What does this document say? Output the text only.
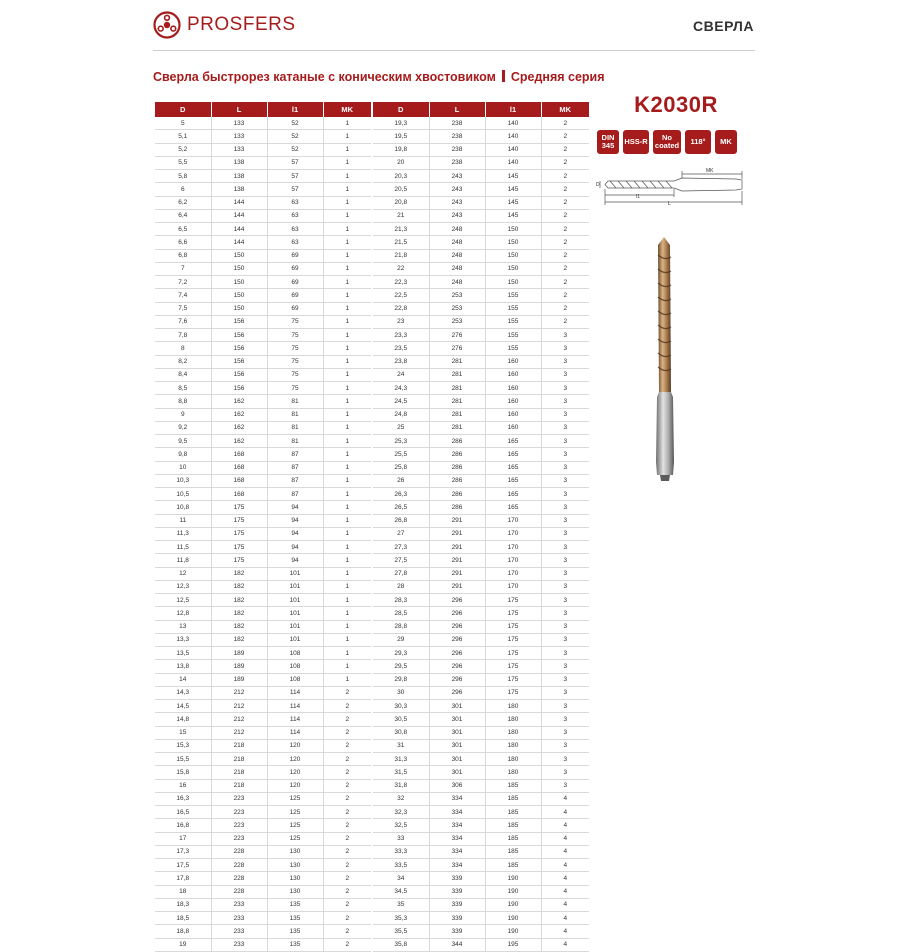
PROSFERS	СВЕРЛА
Сверла быстрорез катаные с коническим хвостовиком Средняя серия
D	L	l1	MK
5	133	52	1
5,1	133	52	1
5,2	133	52	1
5,5	138	57	1
5,8	138	57	1
6	138	57	1
6,2	144	63	1
6,4	144	63	1
6,5	144	63	1
6,6	144	63	1
6,8	150	69	1
7	150	69	1
7,2	150	69	1
7,4	150	69	1
7,5	150	69	1
7,6	156	75	1
7,8	156	75	1
8	156	75	1
8,2	156	75	1
8,4	156	75	1
8,5	156	75	1
8,8	162	81	1
9	162	81	1
9,2	162	81	1
9,5	162	81	1
9,8	168	87	1
10	168	87	1
10,3	168	87	1
10,5	168	87	1
10,8	175	94	1
11	175	94	1
11,3	175	94	1
11,5	175	94	1
11,8	175	94	1
12	182	101	1
12,3	182	101	1
12,5	182	101	1
12,8	182	101	1
13	182	101	1
13,3	182	101	1
13,5	189	108	1
13,8	189	108	1
14	189	108	1
14,3	212	114	2
14,5	212	114	2
14,8	212	114	2
15	212	114	2
15,3	218	120	2
15,5	218	120	2
15,8	218	120	2
16	218	120	2
16,3	223	125	2
16,5	223	125	2
16,8	223	125	2
17	223	125	2
17,3	228	130	2
17,5	228	130	2
17,8	228	130	2
18	228	130	2
18,3	233	135	2
18,5	233	135	2
18,8	233	135	2
19	233	135	2
D	L	l1	MK
19,3	238	140	2
19,5	238	140	2
19,8	238	140	2
20	238	140	2
20,3	243	145	2
20,5	243	145	2
20,8	243	145	2
21	243	145	2
21,3	248	150	2
21,5	248	150	2
21,8	248	150	2
22	248	150	2
22,3	248	150	2
22,5	253	155	2
22,8	253	155	2
23	253	155	2
23,3	276	155	3
23,5	276	155	3
23,8	281	160	3
24	281	160	3
24,3	281	160	3
24,5	281	160	3
24,8	281	160	3
25	281	160	3
25,3	286	165	3
25,5	286	165	3
25,8	286	165	3
26	286	165	3
26,3	286	165	3
26,5	286	165	3
26,8	291	170	3
27	291	170	3
27,3	291	170	3
27,5	291	170	3
27,8	291	170	3
28	291	170	3
28,3	296	175	3
28,5	296	175	3
28,8	296	175	3
29	296	175	3
29,3	296	175	3
29,5	296	175	3
29,8	296	175	3
30	296	175	3
30,3	301	180	3
30,5	301	180	3
30,8	301	180	3
31	301	180	3
31,3	301	180	3
31,5	301	180	3
31,8	306	185	3
32	334	185	4
32,3	334	185	4
32,5	334	185	4
33	334	185	4
33,3	334	185	4
33,5	334	185	4
34	339	190	4
34,5	339	190	4
35	339	190	4
35,3	339	190	4
35,5	339	190	4
35,8	344	195	4
K2030R
DIN 345	HSS-R	No coated	118°	MK
D
l1
L
MK
